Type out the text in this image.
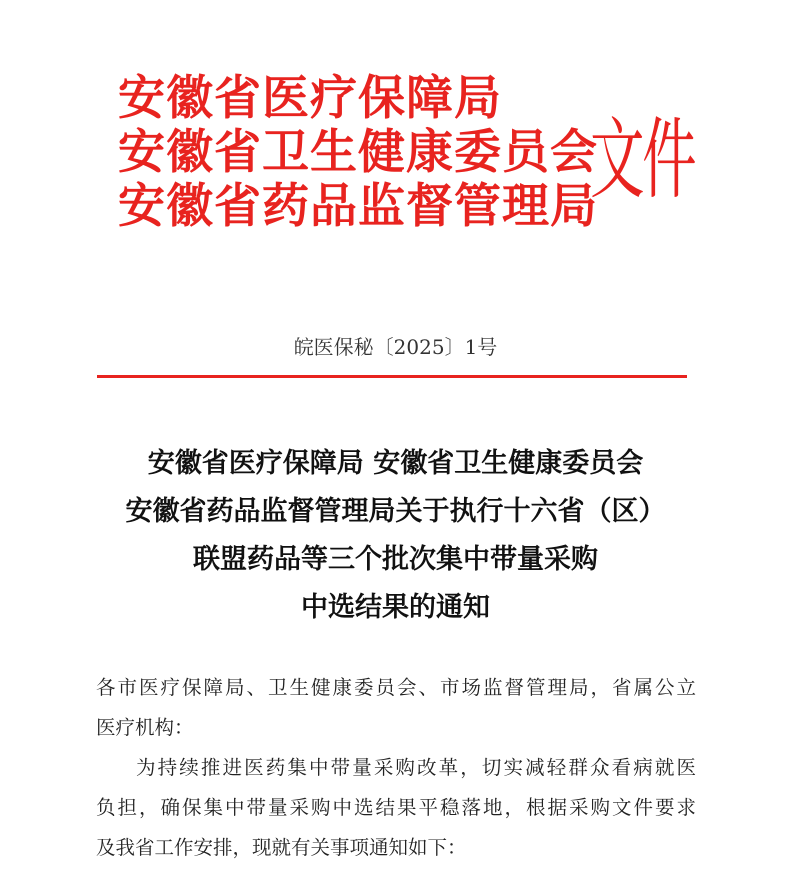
安徽省医疗保障局
安徽省卫生健康委员会
安徽省药品监督管理局
文件
皖医保秘〔2025〕1号
安徽省医疗保障局 安徽省卫生健康委员会
安徽省药品监督管理局关于执行十六省（区）
联盟药品等三个批次集中带量采购
中选结果的通知
各市医疗保障局、卫生健康委员会、市场监督管理局，省属公立
医疗机构：
为持续推进医药集中带量采购改革，切实减轻群众看病就医
负担，确保集中带量采购中选结果平稳落地，根据采购文件要求
及我省工作安排，现就有关事项通知如下：
